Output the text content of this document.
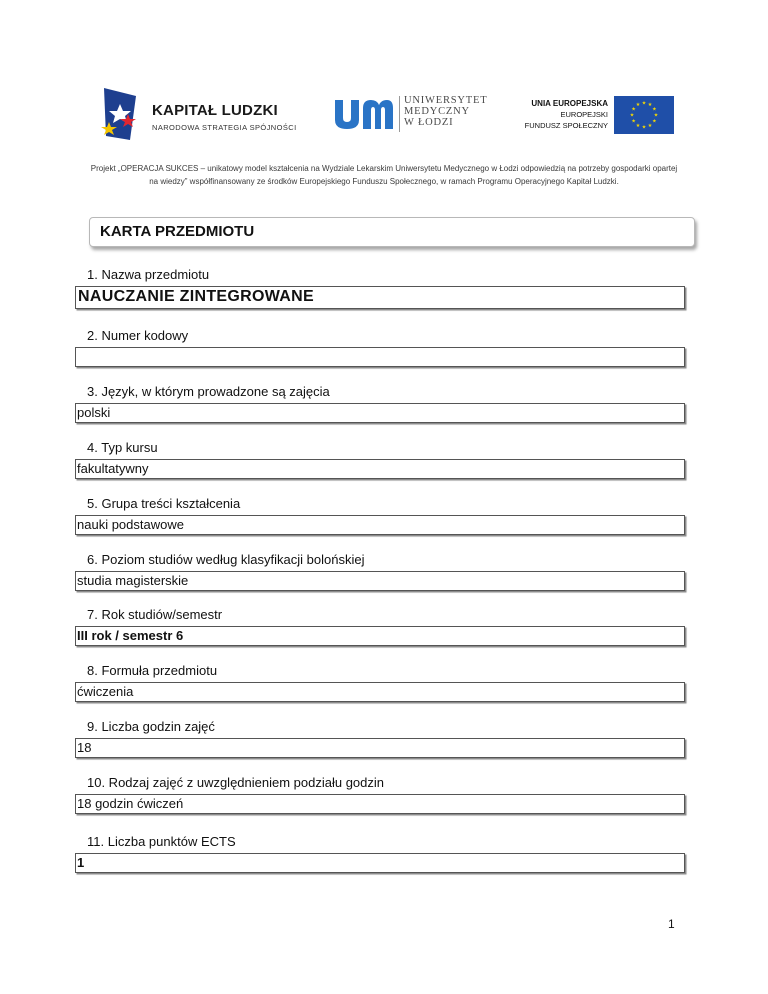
KAPITAŁ LUDZKI
NARODOWA STRATEGIA SPÓJNOŚCI
UNIWERSYTET
MEDYCZNY
W ŁODZI
UNIA EUROPEJSKA
EUROPEJSKI
FUNDUSZ SPOŁECZNY
★ ★
★
★
★
★
★
★
★
★
★
★
Projekt „OPERACJA SUKCES – unikatowy model kształcenia na Wydziale Lekarskim Uniwersytetu Medycznego w Łodzi odpowiedzią na potrzeby gospodarki opartej na wiedzy” współfinansowany ze środków Europejskiego Funduszu Społecznego, w ramach Programu Operacyjnego Kapitał Ludzki.
KARTA PRZEDMIOTU
1. Nazwa przedmiotu
NAUCZANIE ZINTEGROWANE
2. Numer kodowy
3. Język, w którym prowadzone są zajęcia
polski
4. Typ kursu
fakultatywny
5. Grupa treści kształcenia
nauki podstawowe
6. Poziom studiów według klasyfikacji bolońskiej
studia magisterskie
7. Rok studiów/semestr
III rok / semestr 6
8. Formuła przedmiotu
ćwiczenia
9. Liczba godzin zajęć
18
10. Rodzaj zajęć z uwzględnieniem podziału godzin
18 godzin ćwiczeń
11. Liczba punktów ECTS
1
1
